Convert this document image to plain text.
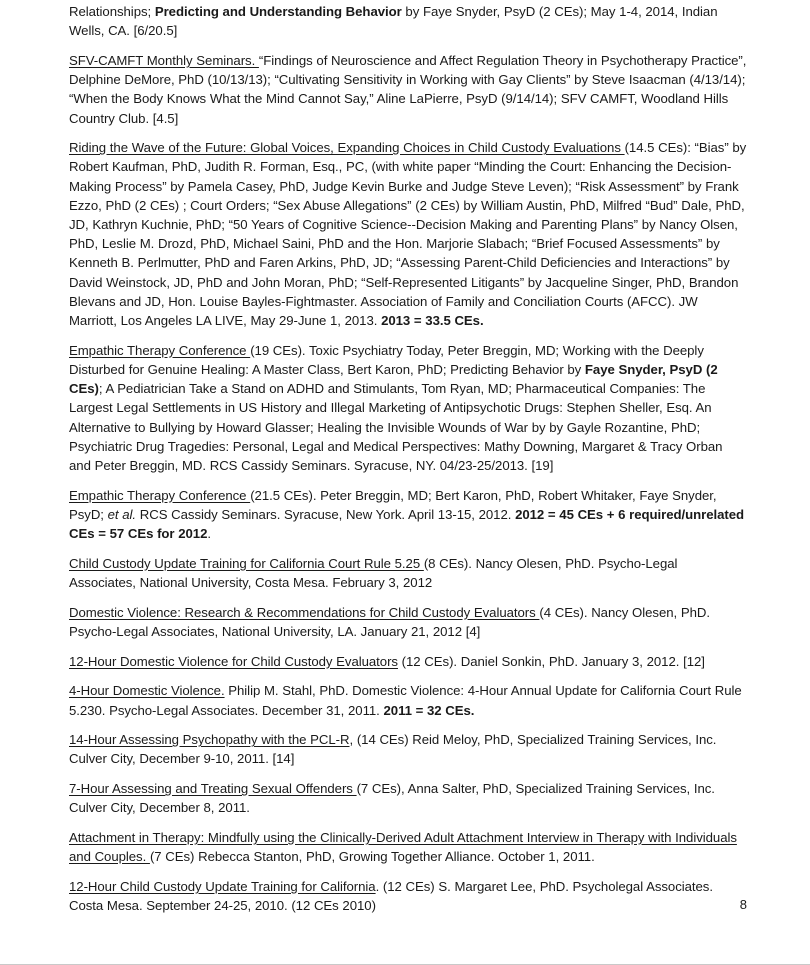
Relationships; Predicting and Understanding Behavior by Faye Snyder, PsyD (2 CEs); May 1-4, 2014, Indian Wells, CA. [6/20.5]

SFV-CAMFT Monthly Seminars. “Findings of Neuroscience and Affect Regulation Theory in Psychotherapy Practice”, Delphine DeMore, PhD (10/13/13); “Cultivating Sensitivity in Working with Gay Clients” by Steve Isaacman (4/13/14); “When the Body Knows What the Mind Cannot Say,” Aline LaPierre, PsyD (9/14/14); SFV CAMFT, Woodland Hills Country Club. [4.5]

Riding the Wave of the Future: Global Voices, Expanding Choices in Child Custody Evaluations (14.5 CEs): “Bias” by Robert Kaufman, PhD, Judith R. Forman, Esq., PC, (with white paper “Minding the Court: Enhancing the Decision-Making Process” by Pamela Casey, PhD, Judge Kevin Burke and Judge Steve Leven); “Risk Assessment” by Frank Ezzo, PhD (2 CEs) ; Court Orders; “Sex Abuse Allegations” (2 CEs) by William Austin, PhD, Milfred “Bud” Dale, PhD, JD, Kathryn Kuchnie, PhD; “50 Years of Cognitive Science--Decision Making and Parenting Plans” by Nancy Olsen, PhD, Leslie M. Drozd, PhD, Michael Saini, PhD and the Hon. Marjorie Slabach; “Brief Focused Assessments” by Kenneth B. Perlmutter, PhD and Faren Arkins, PhD, JD; “Assessing Parent-Child Deficiencies and Interactions” by David Weinstock, JD, PhD and John Moran, PhD; “Self-Represented Litigants” by Jacqueline Singer, PhD, Brandon Blevans and JD, Hon. Louise Bayles-Fightmaster. Association of Family and Conciliation Courts (AFCC). JW Marriott, Los Angeles LA LIVE, May 29-June 1, 2013. 2013 = 33.5 CEs.

Empathic Therapy Conference (19 CEs). Toxic Psychiatry Today, Peter Breggin, MD; Working with the Deeply Disturbed for Genuine Healing: A Master Class, Bert Karon, PhD; Predicting Behavior by Faye Snyder, PsyD (2 CEs); A Pediatrician Take a Stand on ADHD and Stimulants, Tom Ryan, MD; Pharmaceutical Companies: The Largest Legal Settlements in US History and Illegal Marketing of Antipsychotic Drugs: Stephen Sheller, Esq. An Alternative to Bullying by Howard Glasser; Healing the Invisible Wounds of War by by Gayle Rozantine, PhD; Psychiatric Drug Tragedies: Personal, Legal and Medical Perspectives: Mathy Downing, Margaret & Tracy Orban and Peter Breggin, MD. RCS Cassidy Seminars. Syracuse, NY. 04/23-25/2013. [19]

Empathic Therapy Conference (21.5 CEs). Peter Breggin, MD; Bert Karon, PhD, Robert Whitaker, Faye Snyder, PsyD; et al. RCS Cassidy Seminars. Syracuse, New York. April 13-15, 2012. 2012 = 45 CEs + 6 required/unrelated CEs = 57 CEs for 2012.

Child Custody Update Training for California Court Rule 5.25 (8 CEs). Nancy Olesen, PhD. Psycho-Legal Associates, National University, Costa Mesa. February 3, 2012

Domestic Violence: Research & Recommendations for Child Custody Evaluators (4 CEs). Nancy Olesen, PhD. Psycho-Legal Associates, National University, LA. January 21, 2012 [4]

12-Hour Domestic Violence for Child Custody Evaluators (12 CEs). Daniel Sonkin, PhD. January 3, 2012. [12]

4-Hour Domestic Violence. Philip M. Stahl, PhD. Domestic Violence: 4-Hour Annual Update for California Court Rule 5.230. Psycho-Legal Associates. December 31, 2011. 2011 = 32 CEs.

14-Hour Assessing Psychopathy with the PCL-R, (14 CEs) Reid Meloy, PhD, Specialized Training Services, Inc. Culver City, December 9-10, 2011. [14]

7-Hour Assessing and Treating Sexual Offenders (7 CEs), Anna Salter, PhD, Specialized Training Services, Inc. Culver City, December 8, 2011.

Attachment in Therapy: Mindfully using the Clinically-Derived Adult Attachment Interview in Therapy with Individuals and Couples. (7 CEs) Rebecca Stanton, PhD, Growing Together Alliance. October 1, 2011.

12-Hour Child Custody Update Training for California. (12 CEs) S. Margaret Lee, PhD. Psycholegal Associates. Costa Mesa. September 24-25, 2010. (12 CEs 2010)	8
